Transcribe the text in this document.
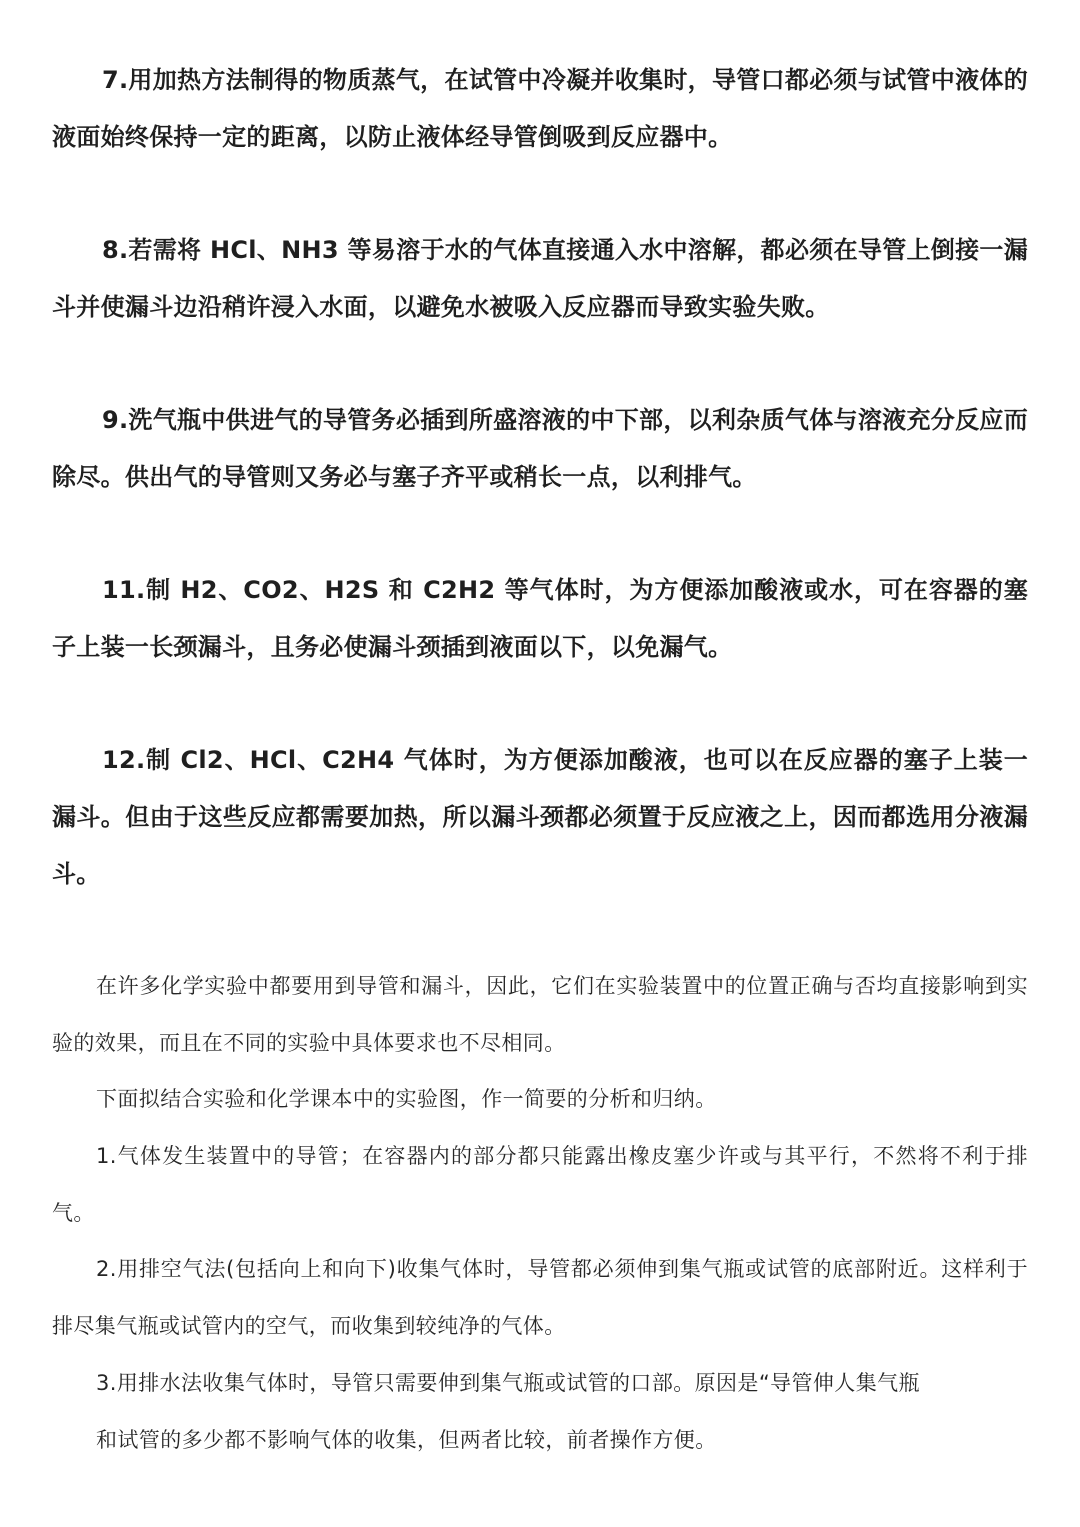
7.用加热方法制得的物质蒸气，在试管中冷凝并收集时，导管口都必须与试管中液体的液面始终保持一定的距离，以防止液体经导管倒吸到反应器中。

8.若需将 HCl、NH3 等易溶于水的气体直接通入水中溶解，都必须在导管上倒接一漏斗并使漏斗边沿稍许浸入水面，以避免水被吸入反应器而导致实验失败。

9.洗气瓶中供进气的导管务必插到所盛溶液的中下部，以利杂质气体与溶液充分反应而除尽。供出气的导管则又务必与塞子齐平或稍长一点，以利排气。

11.制 H2、CO2、H2S 和 C2H2 等气体时，为方便添加酸液或水，可在容器的塞子上装一长颈漏斗，且务必使漏斗颈插到液面以下，以免漏气。

12.制 Cl2、HCl、C2H4 气体时，为方便添加酸液，也可以在反应器的塞子上装一漏斗。但由于这些反应都需要加热，所以漏斗颈都必须置于反应液之上，因而都选用分液漏斗。

在许多化学实验中都要用到导管和漏斗，因此，它们在实验装置中的位置正确与否均直接影响到实验的效果，而且在不同的实验中具体要求也不尽相同。

下面拟结合实验和化学课本中的实验图，作一简要的分析和归纳。

1.气体发生装置中的导管；在容器内的部分都只能露出橡皮塞少许或与其平行，不然将不利于排气。

2.用排空气法(包括向上和向下)收集气体时，导管都必须伸到集气瓶或试管的底部附近。这样利于排尽集气瓶或试管内的空气，而收集到较纯净的气体。

3.用排水法收集气体时，导管只需要伸到集气瓶或试管的口部。原因是“导管伸人集气瓶

和试管的多少都不影响气体的收集，但两者比较，前者操作方便。
